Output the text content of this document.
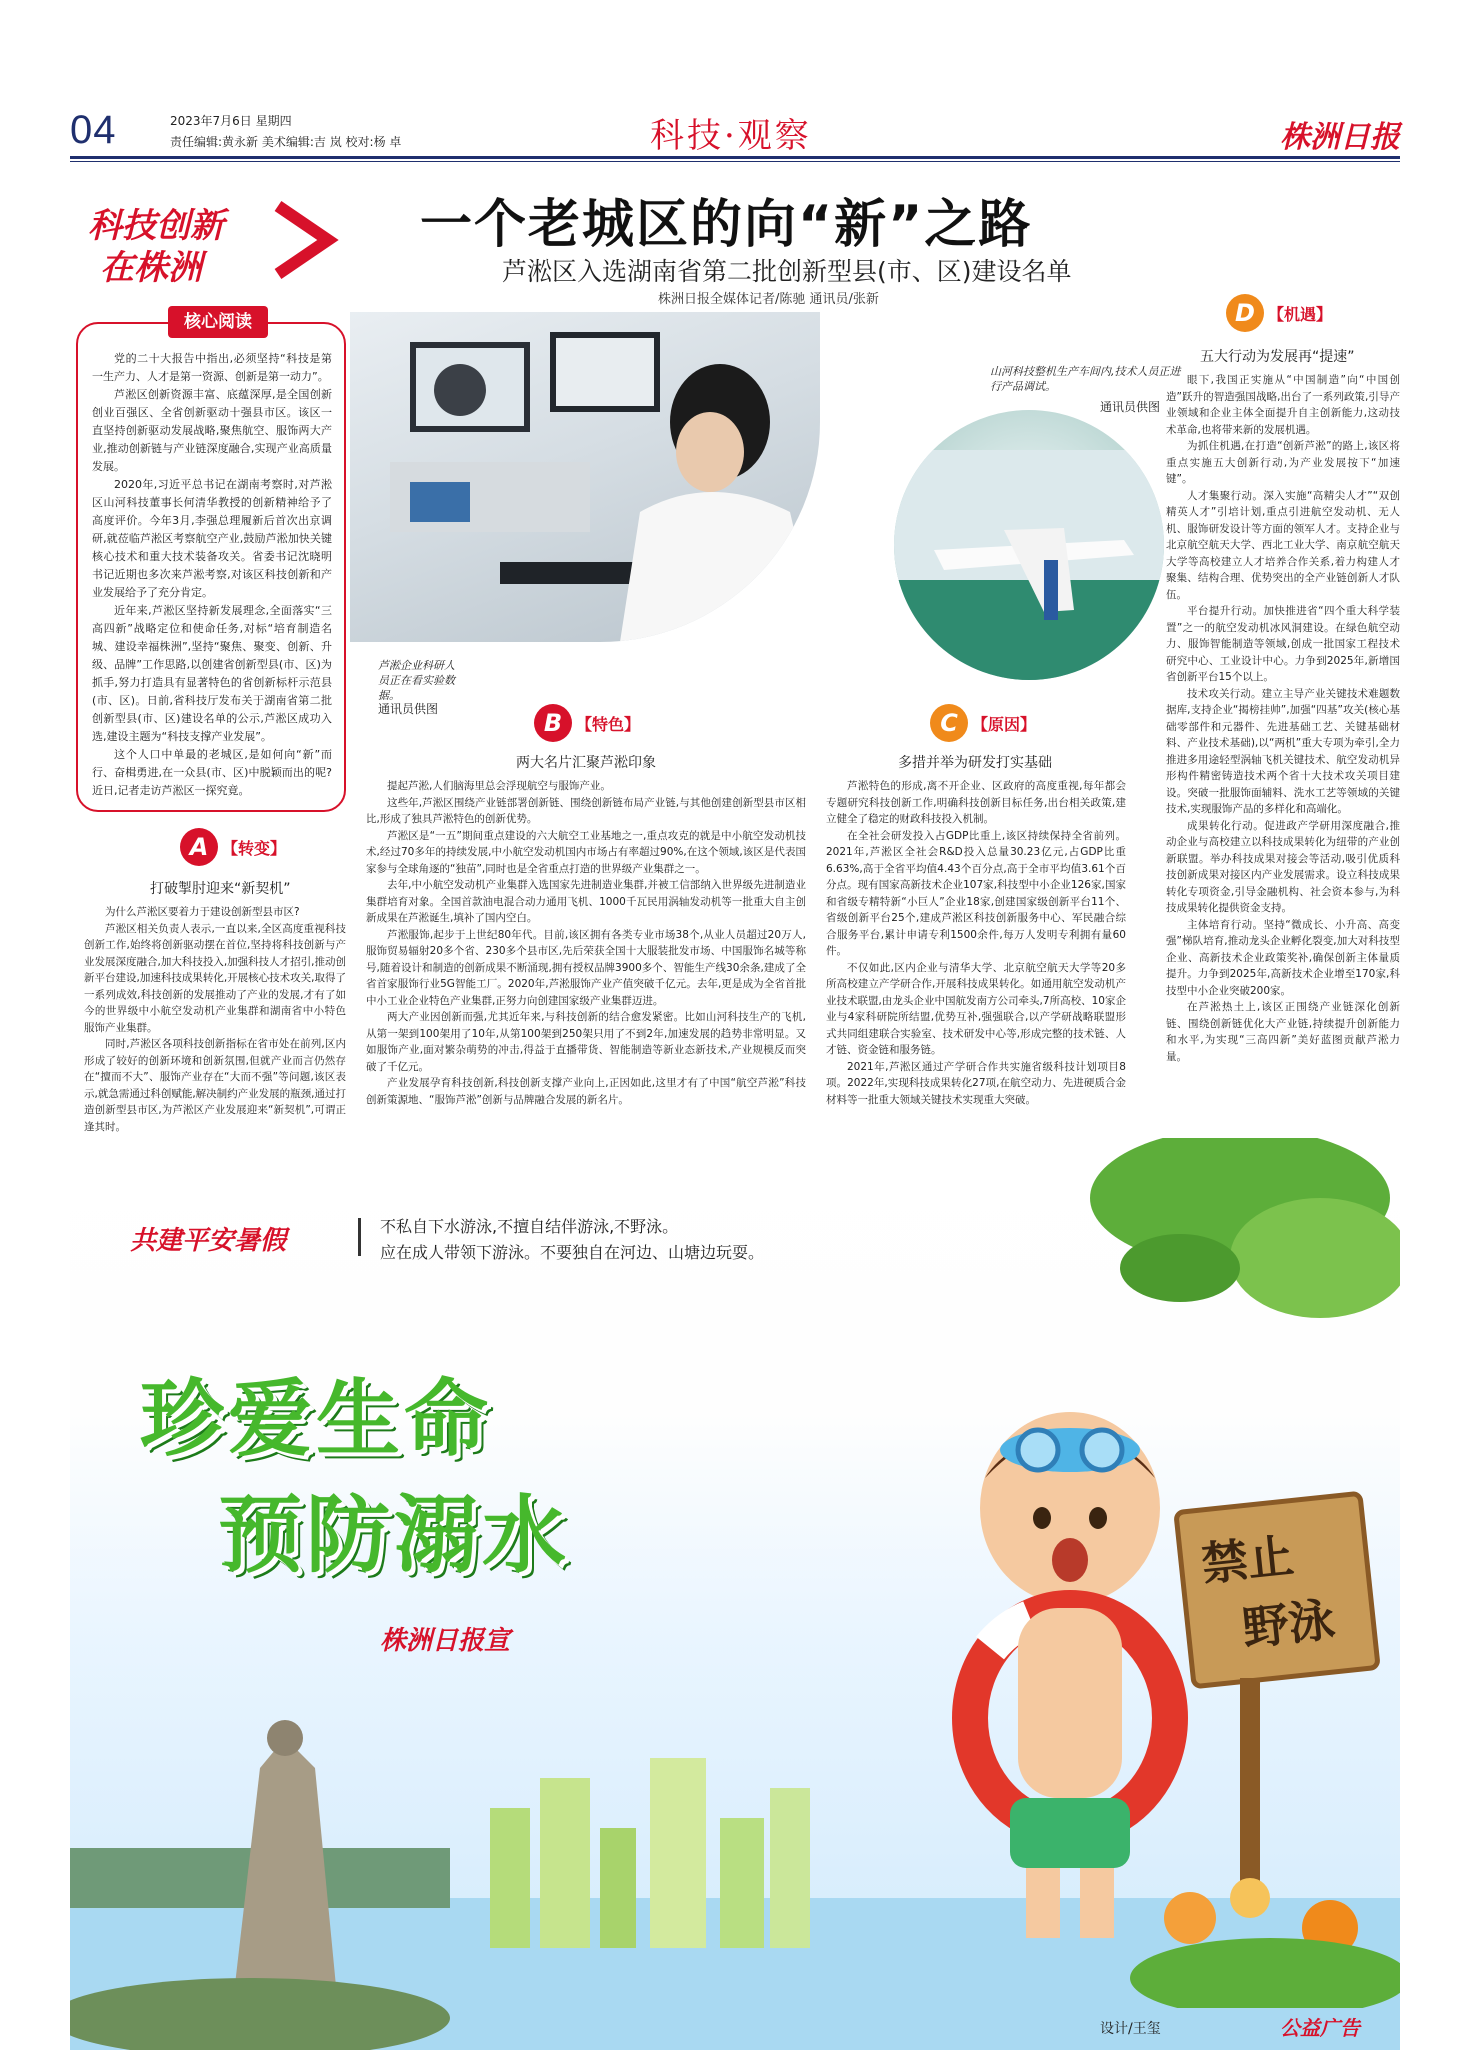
04	2023年7月6日 星期四
责任编辑:黄永新 美术编辑:吉 岚 校对:杨 卓	科技·观察	株洲日报
科技创新
在株洲
一个老城区的向“新”之路
芦淞区入选湖南省第二批创新型县(市、区)建设名单
株洲日报全媒体记者/陈驰 通讯员/张新
核心阅读

党的二十大报告中指出,必须坚持“科技是第一生产力、人才是第一资源、创新是第一动力”。

芦淞区创新资源丰富、底蕴深厚,是全国创新创业百强区、全省创新驱动十强县市区。该区一直坚持创新驱动发展战略,聚焦航空、服饰两大产业,推动创新链与产业链深度融合,实现产业高质量发展。

2020年,习近平总书记在湖南考察时,对芦淞区山河科技董事长何清华教授的创新精神给予了高度评价。今年3月,李强总理履新后首次出京调研,就莅临芦淞区考察航空产业,鼓励芦淞加快关键核心技术和重大技术装备攻关。省委书记沈晓明书记近期也多次来芦淞考察,对该区科技创新和产业发展给予了充分肯定。

近年来,芦淞区坚持新发展理念,全面落实“三高四新”战略定位和使命任务,对标“培育制造名城、建设幸福株洲”,坚持“聚焦、聚变、创新、升级、品牌”工作思路,以创建省创新型县(市、区)为抓手,努力打造具有显著特色的省创新标杆示范县(市、区)。日前,省科技厅发布关于湖南省第二批创新型县(市、区)建设名单的公示,芦淞区成功入选,建设主题为“科技支撑产业发展”。

这个人口中单最的老城区,是如何向“新”而行、奋楫勇进,在一众县(市、区)中脱颖而出的呢?近日,记者走访芦淞区一探究竟。

芦淞企业科研人员正在看实验数据。
通讯员供图
山河科技整机生产车间内,技术人员正进行产品调试。
通讯员供图
A 【转变】
打破掣肘迎来“新契机”

为什么芦淞区要着力于建设创新型县市区?

芦淞区相关负责人表示,一直以来,全区高度重视科技创新工作,始终将创新驱动摆在首位,坚持将科技创新与产业发展深度融合,加大科技投入,加强科技人才招引,推动创新平台建设,加速科技成果转化,开展核心技术攻关,取得了一系列成效,科技创新的发展推动了产业的发展,才有了如今的世界级中小航空发动机产业集群和湖南省中小特色服饰产业集群。

同时,芦淞区各项科技创新指标在省市处在前列,区内形成了较好的创新环境和创新氛围,但就产业而言仍然存在“擅而不大”、服饰产业存在“大而不强”等问题,该区表示,就急需通过科创赋能,解决制约产业发展的瓶颈,通过打造创新型县市区,为芦淞区产业发展迎来“新契机”,可谓正逢其时。

B 【特色】
两大名片汇聚芦淞印象

提起芦淞,人们脑海里总会浮现航空与服饰产业。

这些年,芦淞区围绕产业链部署创新链、围绕创新链布局产业链,与其他创建创新型县市区相比,形成了独具芦淞特色的创新优势。

芦淞区是“一五”期间重点建设的六大航空工业基地之一,重点攻克的就是中小航空发动机技术,经过70多年的持续发展,中小航空发动机国内市场占有率超过90%,在这个领域,该区是代表国家参与全球角逐的“独苗”,同时也是全省重点打造的世界级产业集群之一。

去年,中小航空发动机产业集群入选国家先进制造业集群,并被工信部纳入世界级先进制造业集群培育对象。全国首款油电混合动力通用飞机、1000千瓦民用涡轴发动机等一批重大自主创新成果在芦淞诞生,填补了国内空白。

芦淞服饰,起步于上世纪80年代。目前,该区拥有各类专业市场38个,从业人员超过20万人,服饰贸易辐射20多个省、230多个县市区,先后荣获全国十大服装批发市场、中国服饰名城等称号,随着设计和制造的创新成果不断涌现,拥有授权品牌3900多个、智能生产线30余条,建成了全省首家服饰行业5G智能工厂。2020年,芦淞服饰产业产值突破千亿元。去年,更是成为全省首批中小工业企业特色产业集群,正努力向创建国家级产业集群迈进。

两大产业因创新而强,尤其近年来,与科技创新的结合愈发紧密。比如山河科技生产的飞机,从第一架到100架用了10年,从第100架到250架只用了不到2年,加速发展的趋势非常明显。又如服饰产业,面对繁杂萌势的冲击,得益于直播带货、智能制造等新业态新技术,产业规模反而突破了千亿元。

产业发展孕育科技创新,科技创新支撑产业向上,正因如此,这里才有了中国“航空芦淞”科技创新策源地、“服饰芦淞”创新与品牌融合发展的新名片。

C 【原因】
多措并举为研发打实基础

芦淞特色的形成,离不开企业、区政府的高度重视,每年都会专题研究科技创新工作,明确科技创新目标任务,出台相关政策,建立健全了稳定的财政科技投入机制。

在全社会研发投入占GDP比重上,该区持续保持全省前列。2021年,芦淞区全社会R&D投入总量30.23亿元,占GDP比重6.63%,高于全省平均值4.43个百分点,高于全市平均值3.61个百分点。现有国家高新技术企业107家,科技型中小企业126家,国家和省级专精特新“小巨人”企业18家,创建国家级创新平台11个、省级创新平台25个,建成芦淞区科技创新服务中心、军民融合综合服务平台,累计申请专利1500余件,每万人发明专利拥有量60件。

不仅如此,区内企业与清华大学、北京航空航天大学等20多所高校建立产学研合作,开展科技成果转化。如通用航空发动机产业技术联盟,由龙头企业中国航发南方公司牵头,7所高校、10家企业与4家科研院所结盟,优势互补,强强联合,以产学研战略联盟形式共同组建联合实验室、技术研发中心等,形成完整的技术链、人才链、资金链和服务链。

2021年,芦淞区通过产学研合作共实施省级科技计划项目8项。2022年,实现科技成果转化27项,在航空动力、先进硬质合金材料等一批重大领域关键技术实现重大突破。

D 【机遇】
五大行动为发展再“提速”

眼下,我国正实施从“中国制造”向“中国创造”跃升的智造强国战略,出台了一系列政策,引导产业领域和企业主体全面提升自主创新能力,这动技术革命,也将带来新的发展机遇。

为抓住机遇,在打造“创新芦淞”的路上,该区将重点实施五大创新行动,为产业发展按下“加速键”。

人才集聚行动。深入实施“高精尖人才”“双创精英人才”引培计划,重点引进航空发动机、无人机、服饰研发设计等方面的领军人才。支持企业与北京航空航天大学、西北工业大学、南京航空航天大学等高校建立人才培养合作关系,着力构建人才聚集、结构合理、优势突出的全产业链创新人才队伍。

平台提升行动。加快推进省“四个重大科学装置”之一的航空发动机冰风洞建设。在绿色航空动力、服饰智能制造等领域,创成一批国家工程技术研究中心、工业设计中心。力争到2025年,新增国省创新平台15个以上。

技术攻关行动。建立主导产业关键技术难题数据库,支持企业“揭榜挂帅”,加强“四基”攻关(核心基础零部件和元器件、先进基础工艺、关键基础材料、产业技术基础),以“两机”重大专项为牵引,全力推进多用途轻型涡轴飞机关键技术、航空发动机异形构件精密铸造技术两个省十大技术攻关项目建设。突破一批服饰面辅料、洗水工艺等领域的关键技术,实现服饰产品的多样化和高端化。

成果转化行动。促进政产学研用深度融合,推动企业与高校建立以科技成果转化为纽带的产业创新联盟。举办科技成果对接会等活动,吸引优质科技创新成果对接区内产业发展需求。设立科技成果转化专项资金,引导金融机构、社会资本参与,为科技成果转化提供资金支持。

主体培育行动。坚持“微成长、小升高、高变强”梯队培育,推动龙头企业孵化裂变,加大对科技型企业、高新技术企业政策奖补,确保创新主体量质提升。力争到2025年,高新技术企业增至170家,科技型中小企业突破200家。

在芦淞热土上,该区正围绕产业链深化创新链、围绕创新链优化大产业链,持续提升创新能力和水平,为实现“三高四新”美好蓝图贡献芦淞力量。

共建平安暑假	不私自下水游泳,不擅自结伴游泳,不野泳。
应在成人带领下游泳。不要独自在河边、山塘边玩耍。
珍爱生命
预防溺水
株洲日报宣
禁止
野泳
设计/王玺	公益广告
